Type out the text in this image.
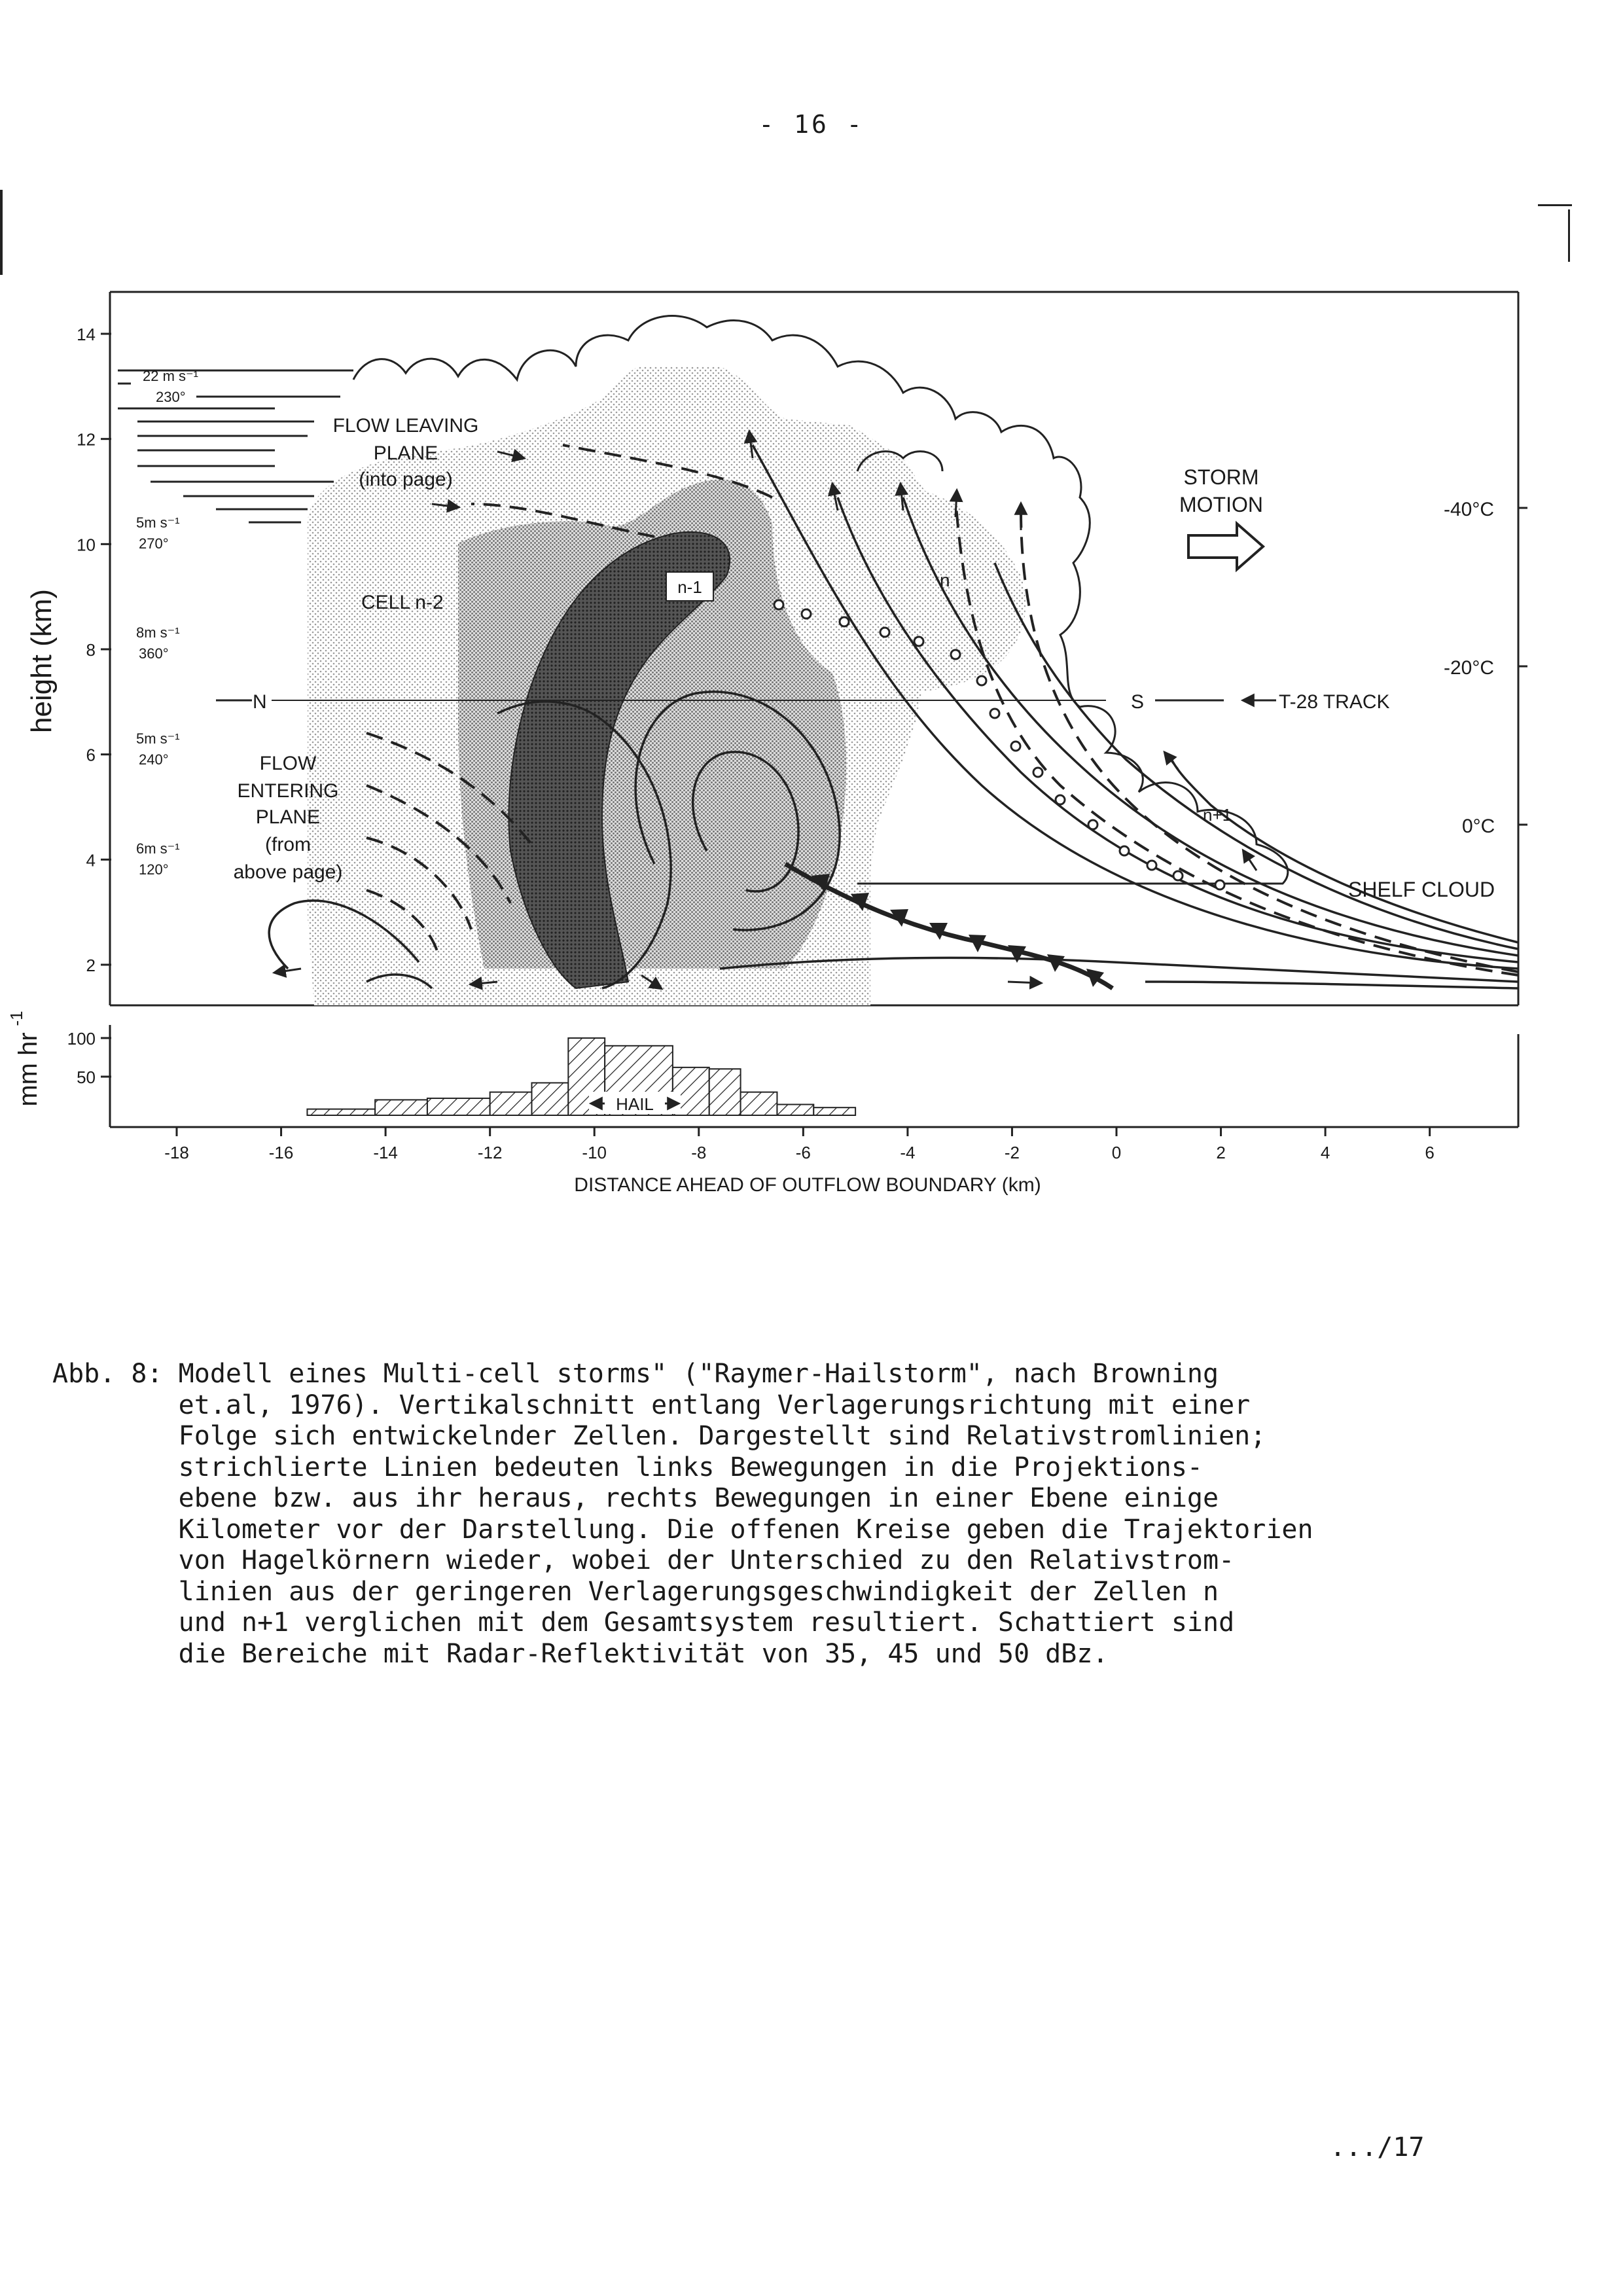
- 16 -
14
12
10
8
6
4
2
height (km)
22 m s⁻¹
230°
5m s⁻¹
270°
8m s⁻¹
360°
5m s⁻¹
240°
6m s⁻¹
120°
FLOW LEAVING
PLANE
(into page)
FLOW
ENTERING
PLANE
(from
above page)
STORM
MOTION
CELL n-2
n-1	n
n+1
N	S	T-28 TRACK
SHELF CLOUD
-40°C
-20°C
0°C
100
50
HAIL
mm hr
-1
-18	-16	-14	-12	-10	-8	-6	-4	-2	0	2	4	6
DISTANCE AHEAD OF OUTFLOW BOUNDARY (km)
Abb. 8: Modell eines Multi-cell storms" ("Raymer-Hailstorm", nach Browning
et.al, 1976). Vertikalschnitt entlang Verlagerungsrichtung mit einer
Folge sich entwickelnder Zellen. Dargestellt sind Relativstromlinien;
strichlierte Linien bedeuten links Bewegungen in die Projektions-
ebene bzw. aus ihr heraus, rechts Bewegungen in einer Ebene einige
Kilometer vor der Darstellung. Die offenen Kreise geben die Trajektorien
von Hagelkörnern wieder, wobei der Unterschied zu den Relativstrom-
linien aus der geringeren Verlagerungsgeschwindigkeit der Zellen n
und n+1 verglichen mit dem Gesamtsystem resultiert. Schattiert sind
die Bereiche mit Radar-Reflektivität von 35, 45 und 50 dBz.
.../17
